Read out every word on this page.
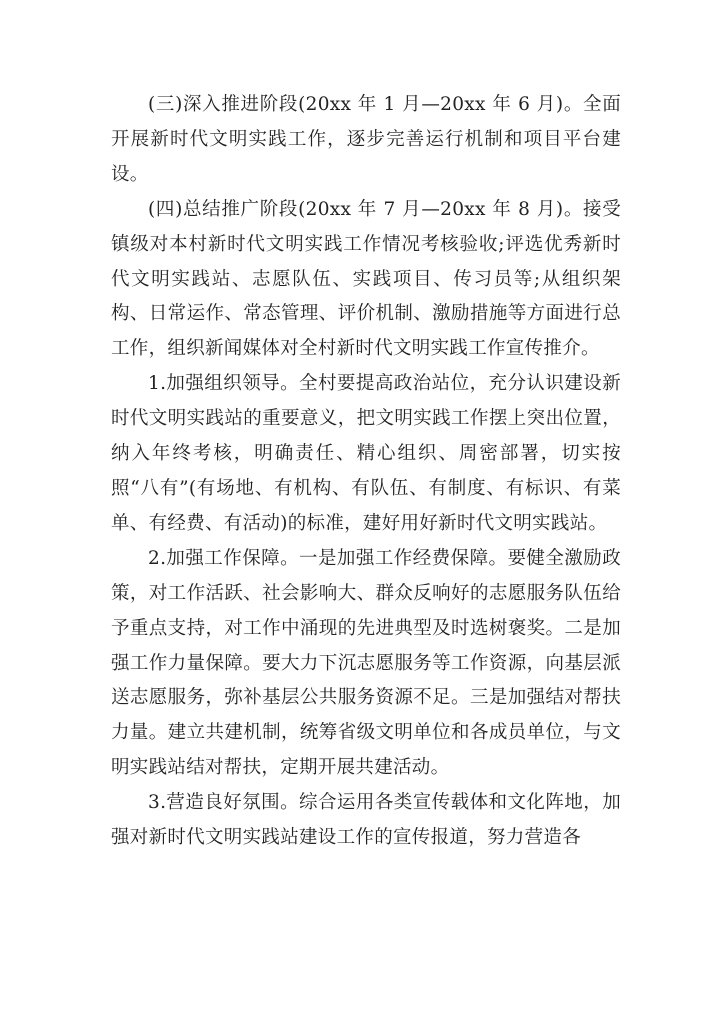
(三)深入推进阶段(20xx 年 1 月—20xx 年 6 月)。全面开展新时代文明实践工作，逐步完善运行机制和项目平台建设。

(四)总结推广阶段(20xx 年 7 月—20xx 年 8 月)。接受镇级对本村新时代文明实践工作情况考核验收;评选优秀新时代文明实践站、志愿队伍、实践项目、传习员等;从组织架构、日常运作、常态管理、评价机制、激励措施等方面进行总工作，组织新闻媒体对全村新时代文明实践工作宣传推介。

1.加强组织领导。全村要提高政治站位，充分认识建设新时代文明实践站的重要意义，把文明实践工作摆上突出位置，纳入年终考核，明确责任、精心组织、周密部署，切实按照“八有”(有场地、有机构、有队伍、有制度、有标识、有菜单、有经费、有活动)的标准，建好用好新时代文明实践站。

2.加强工作保障。一是加强工作经费保障。要健全激励政策，对工作活跃、社会影响大、群众反响好的志愿服务队伍给予重点支持，对工作中涌现的先进典型及时选树褒奖。二是加强工作力量保障。要大力下沉志愿服务等工作资源，向基层派送志愿服务，弥补基层公共服务资源不足。三是加强结对帮扶力量。建立共建机制，统筹省级文明单位和各成员单位，与文明实践站结对帮扶，定期开展共建活动。

3.营造良好氛围。综合运用各类宣传载体和文化阵地，加强对新时代文明实践站建设工作的宣传报道，努力营造各
